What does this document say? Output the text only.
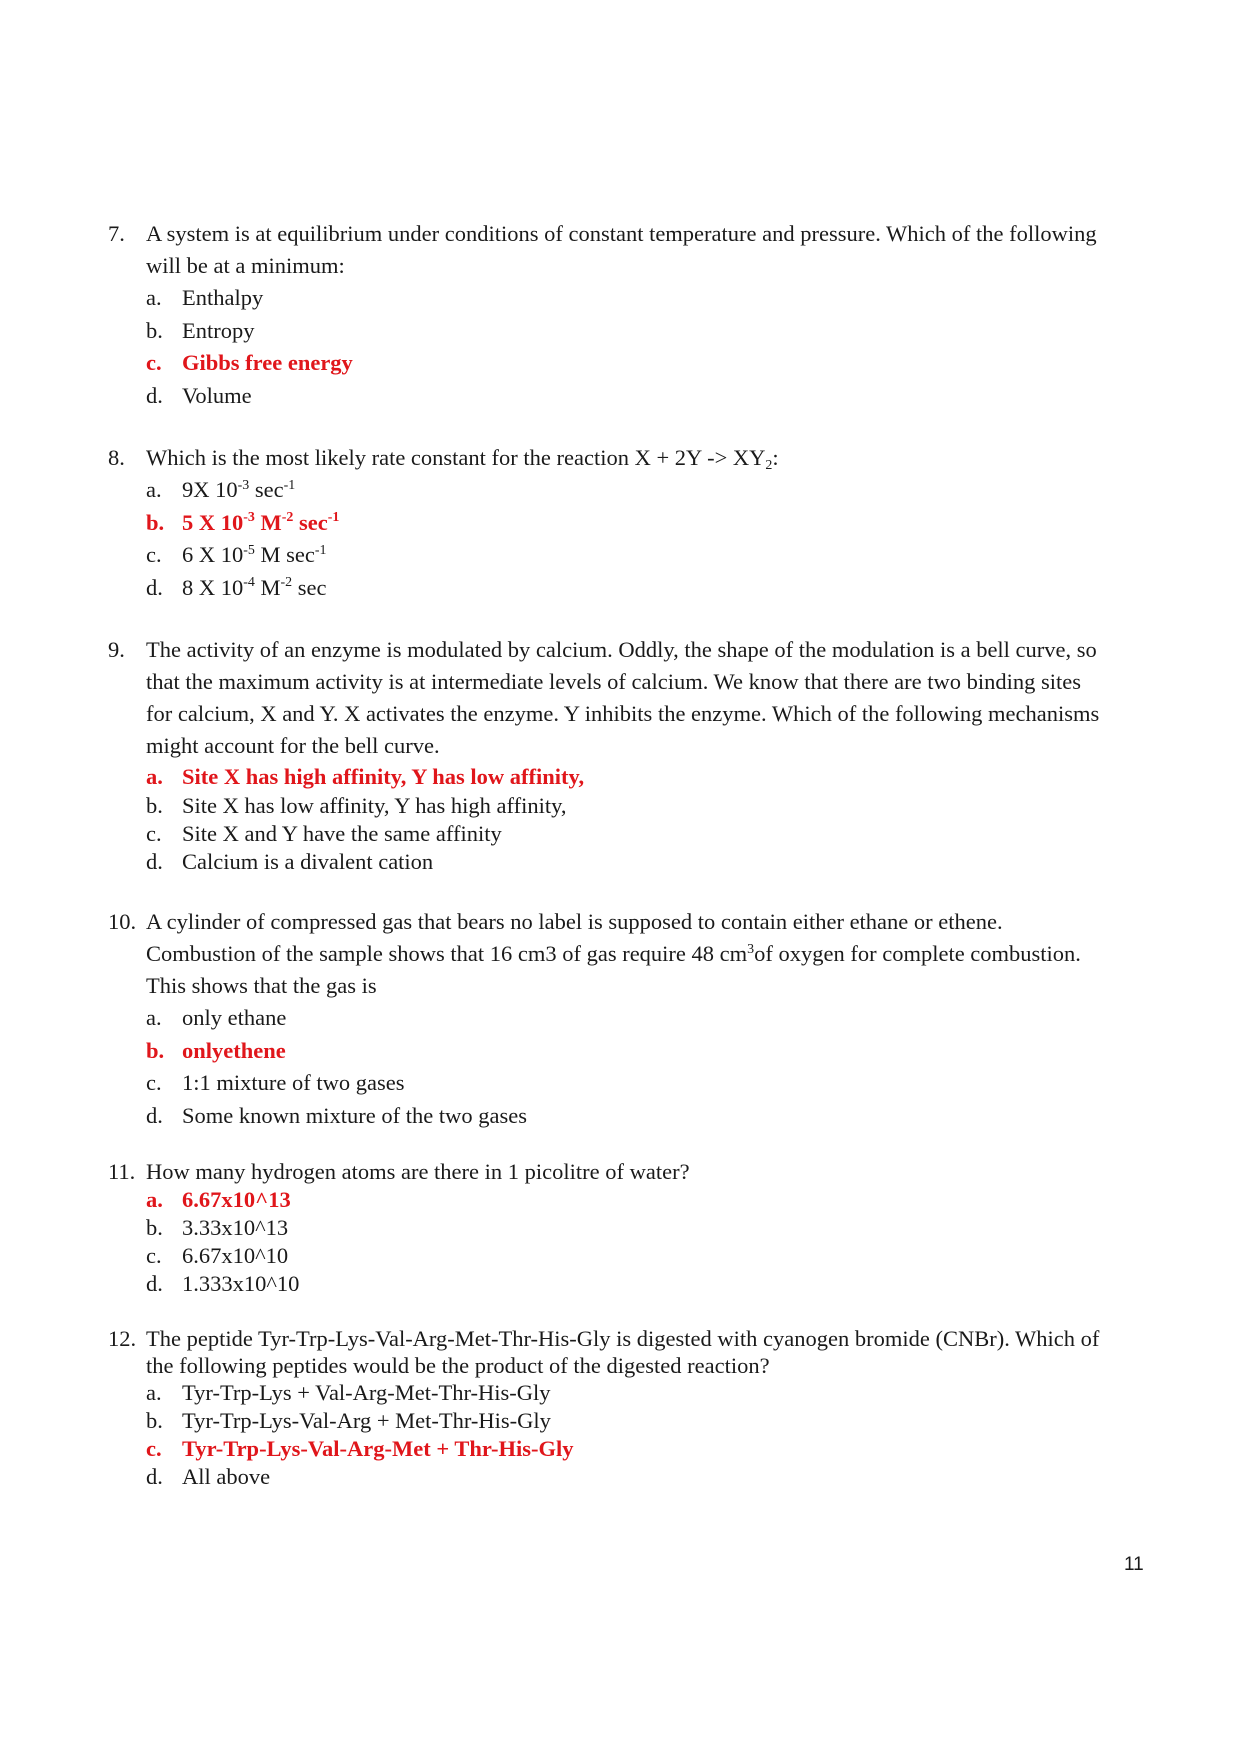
7. A system is at equilibrium under conditions of constant temperature and pressure. Which of the following will be at a minimum:
a. Enthalpy
b. Entropy
c. Gibbs free energy
d. Volume
8. Which is the most likely rate constant for the reaction $X + 2Y -> XY_2$:
a. 9X $10^{-3}$ $\sec^{-1}$
b. 5 X $10^{-3}$ $M^{-2}$ $\sec^{-1}$
c. 6 X $10^{-5}$ M $\sec^{-1}$
d. 8 X $10^{-4}$ $M^{-2}$ sec
9. The activity of an enzyme is modulated by calcium. Oddly, the shape of the modulation is a bell curve, so that the maximum activity is at intermediate levels of calcium. We know that there are two binding sites for calcium, X and Y. X activates the enzyme. Y inhibits the enzyme. Which of the following mechanisms might account for the bell curve.
a. Site X has high affinity, Y has low affinity,
b. Site X has low affinity, Y has high affinity,
c. Site X and Y have the same affinity
d. Calcium is a divalent cation
10. A cylinder of compressed gas that bears no label is supposed to contain either ethane or ethene. Combustion of the sample shows that 16 cm3 of gas require 48 $cm^3of$ oxygen for complete combustion. This shows that the gas is
a. only ethane
b. onlyethene
c. 1:1 mixture of two gases
d. Some known mixture of the two gases
11. How many hydrogen atoms are there in 1 picolitre of water?
a. 6.67x10^13
b. 3.33x10^13
c. 6.67x10^10
d. 1.333x10^10
12. The peptide Tyr-Trp-Lys-Val-Arg-Met-Thr-His-Gly is digested with cyanogen bromide (CNBr). Which of the following peptides would be the product of the digested reaction?
a. Tyr-Trp-Lys + Val-Arg-Met-Thr-His-Gly
b. Tyr-Trp-Lys-Val-Arg + Met-Thr-His-Gly
c. Tyr-Trp-Lys-Val-Arg-Met + Thr-His-Gly
d. All above
11
